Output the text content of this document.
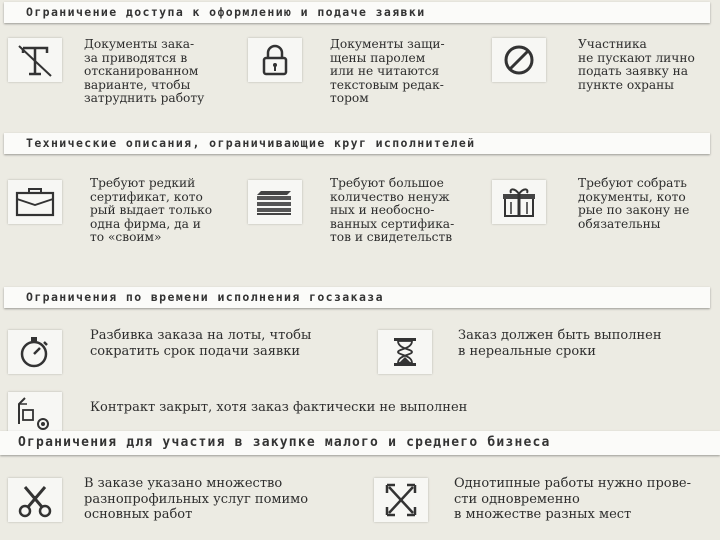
Ограничение доступа к оформлению и подаче заявки
Документы зака-
за приводятся в
отсканированном
варианте, чтобы
затруднить работу
Документы защи-
щены паролем
или не читаются
текстовым редак-
тором
Участника
не пускают лично
подать заявку на
пункте охраны
Технические описания, ограничивающие круг исполнителей
Требуют редкий
сертификат, кото
рый выдает только
одна фирма, да и
то «своим»
Требуют большое
количество ненуж
ных и необосно-
ванных сертифика-
тов и свидетельств
Требуют собрать
документы, кото
рые по закону не
обязательны
Ограничения по времени исполнения госзаказа
Разбивка заказа на лоты, чтобы
сократить срок подачи заявки
Заказ должен быть выполнен
в нереальные сроки
Контракт закрыт, хотя заказ фактически не выполнен
Ограничения для участия в закупке малого и среднего бизнеса
В заказе указано множество
разнопрофильных услуг помимо
основных работ
Однотипные работы нужно прове-
сти одновременно
в множестве разных мест
